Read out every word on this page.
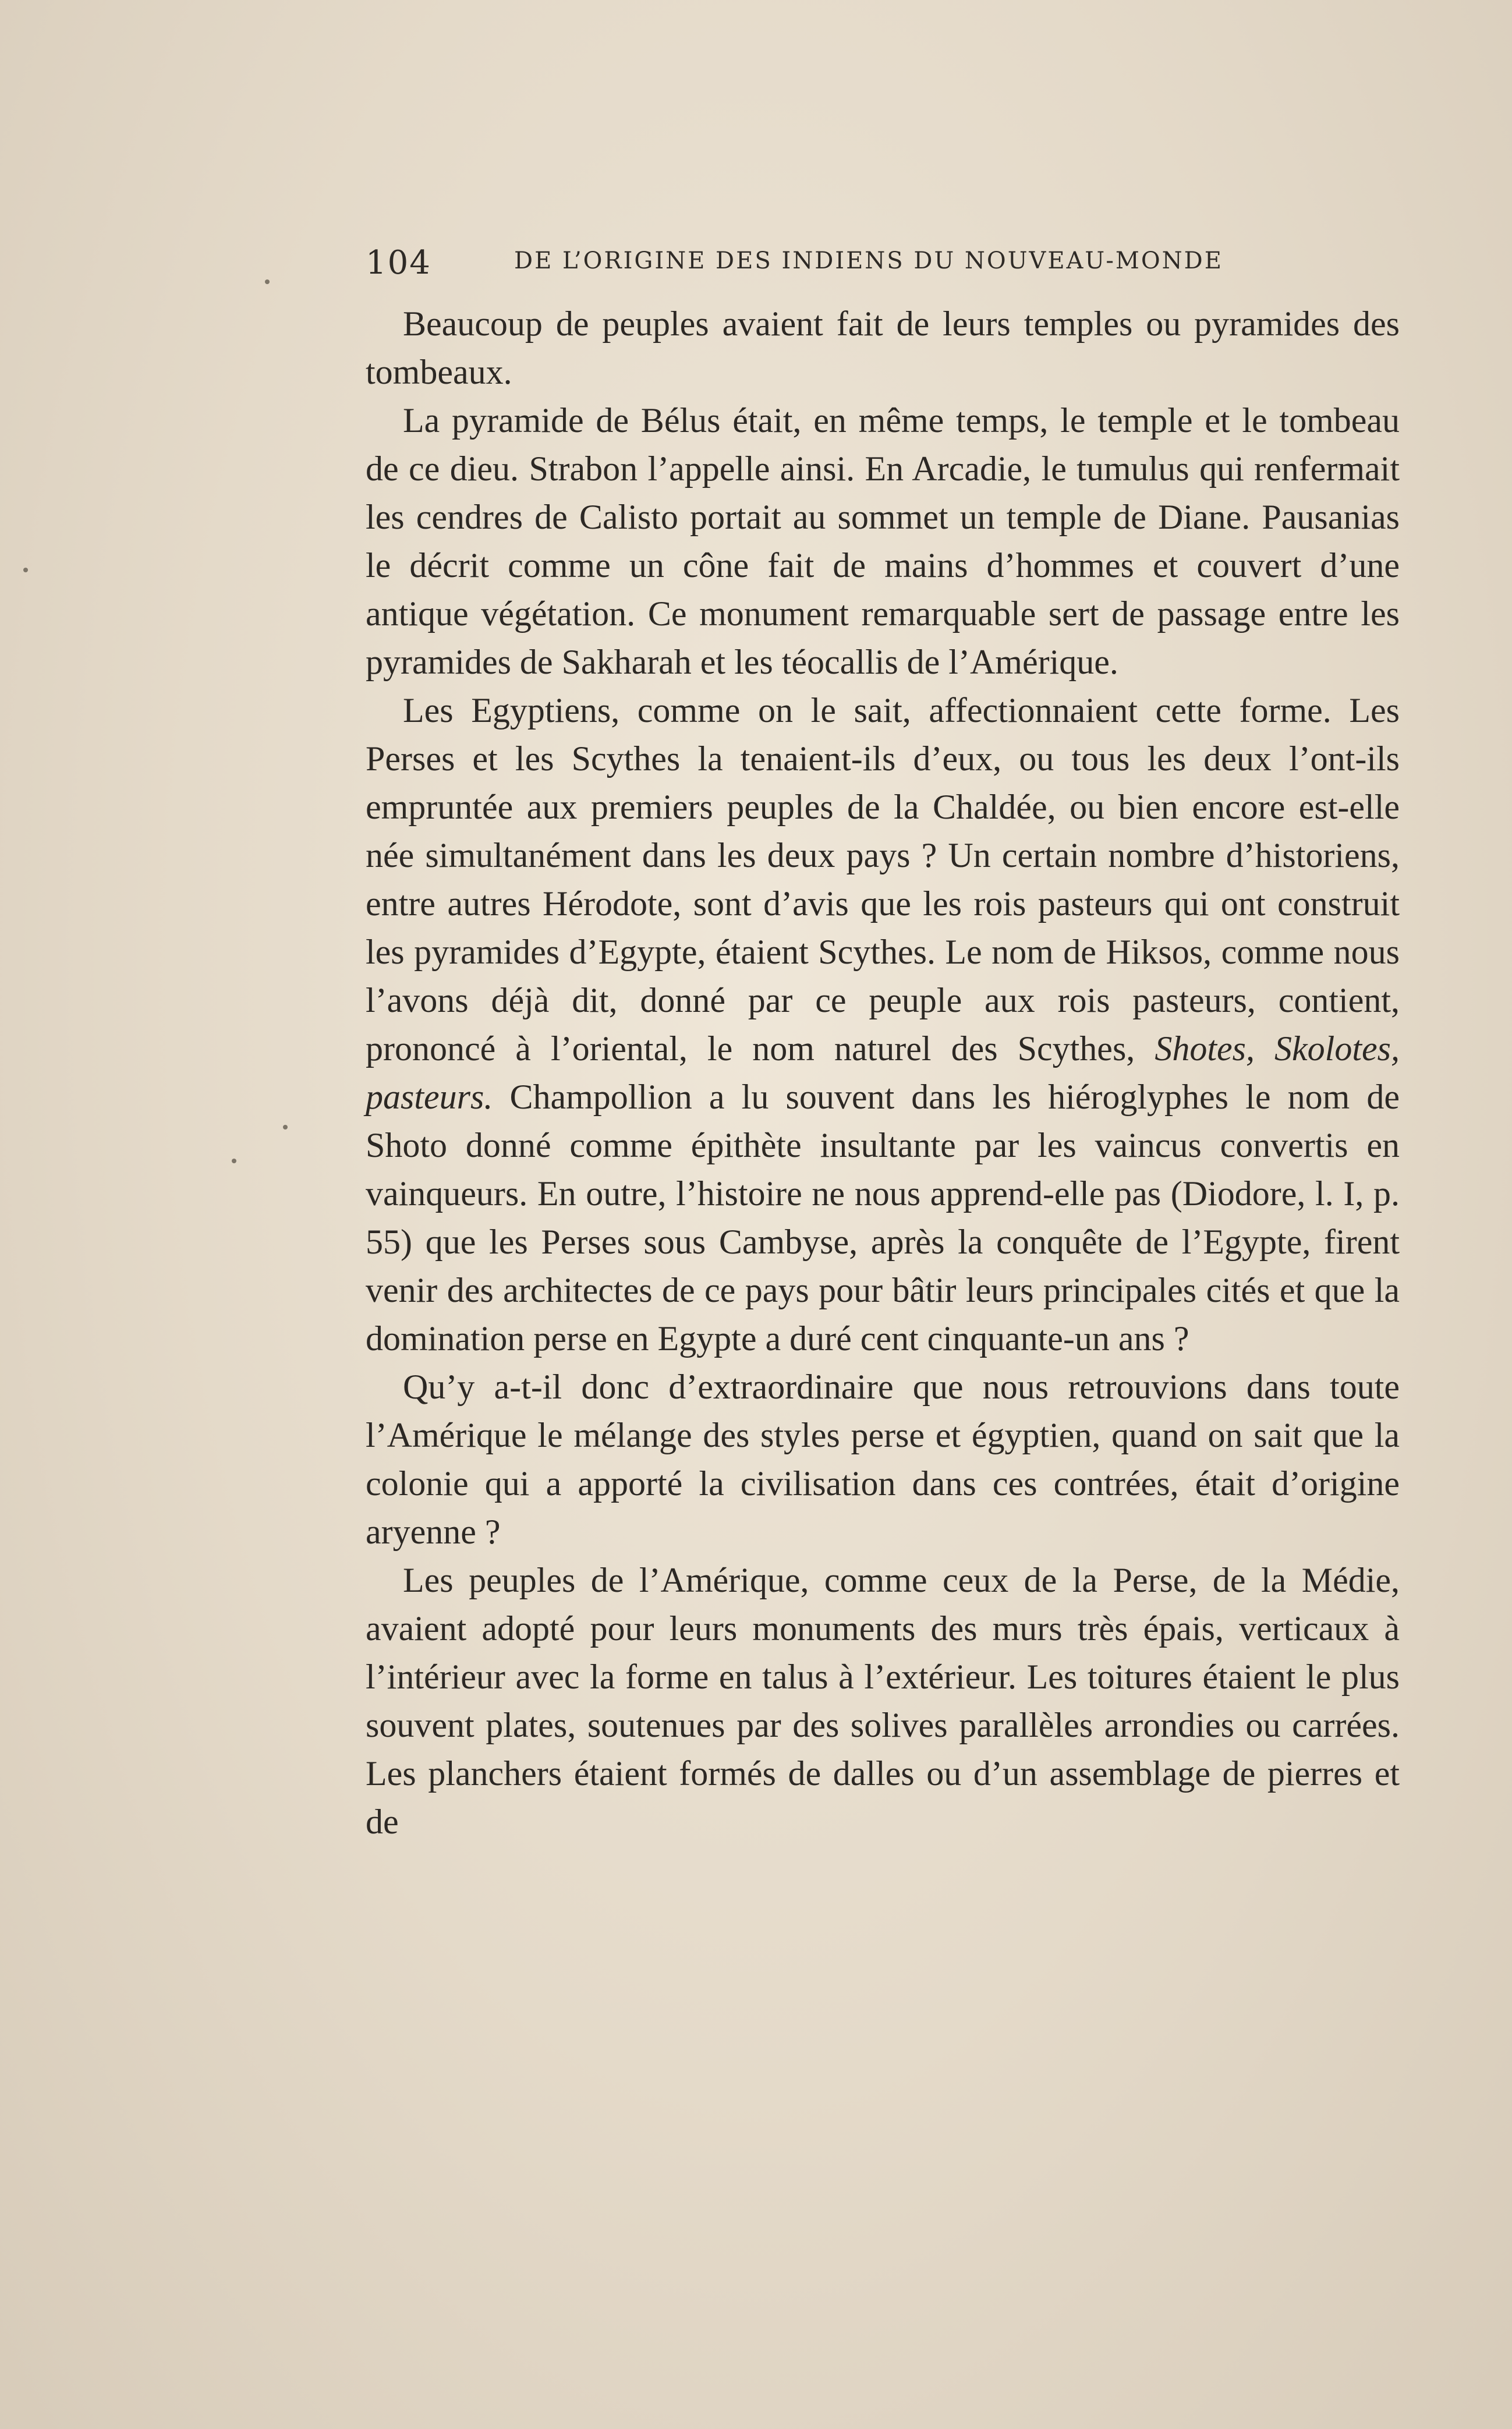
104	DE L’ORIGINE DES INDIENS DU NOUVEAU-MONDE

Beaucoup de peuples avaient fait de leurs temples ou pyramides des tombeaux.

La pyramide de Bélus était, en même temps, le temple et le tombeau de ce dieu. Strabon l’appelle ainsi. En Arcadie, le tumulus qui renfermait les cendres de Calisto portait au sommet un temple de Diane. Pausanias le décrit comme un cône fait de mains d’hommes et couvert d’une antique végétation. Ce monument remarquable sert de passage entre les pyramides de Sakharah et les téocallis de l’Amérique.

Les Egyptiens, comme on le sait, affectionnaient cette forme. Les Perses et les Scythes la tenaient-ils d’eux, ou tous les deux l’ont-ils empruntée aux premiers peuples de la Chaldée, ou bien encore est-elle née simultanément dans les deux pays ? Un certain nombre d’historiens, entre autres Hérodote, sont d’avis que les rois pasteurs qui ont construit les pyramides d’Egypte, étaient Scythes. Le nom de Hiksos, comme nous l’avons déjà dit, donné par ce peuple aux rois pasteurs, contient, prononcé à l’oriental, le nom naturel des Scythes, Shotes, Skolotes, pasteurs. Champollion a lu souvent dans les hiéroglyphes le nom de Shoto donné comme épithète insultante par les vaincus convertis en vainqueurs. En outre, l’histoire ne nous apprend-elle pas (Diodore, l. I, p. 55) que les Perses sous Cambyse, après la conquête de l’Egypte, firent venir des architectes de ce pays pour bâtir leurs principales cités et que la domination perse en Egypte a duré cent cinquante-un ans ?

Qu’y a-t-il donc d’extraordinaire que nous retrouvions dans toute l’Amérique le mélange des styles perse et égyptien, quand on sait que la colonie qui a apporté la civilisation dans ces contrées, était d’origine aryenne ?

Les peuples de l’Amérique, comme ceux de la Perse, de la Médie, avaient adopté pour leurs monuments des murs très épais, verticaux à l’intérieur avec la forme en talus à l’extérieur. Les toitures étaient le plus souvent plates, soutenues par des solives parallèles arrondies ou carrées. Les planchers étaient formés de dalles ou d’un assemblage de pierres et de
